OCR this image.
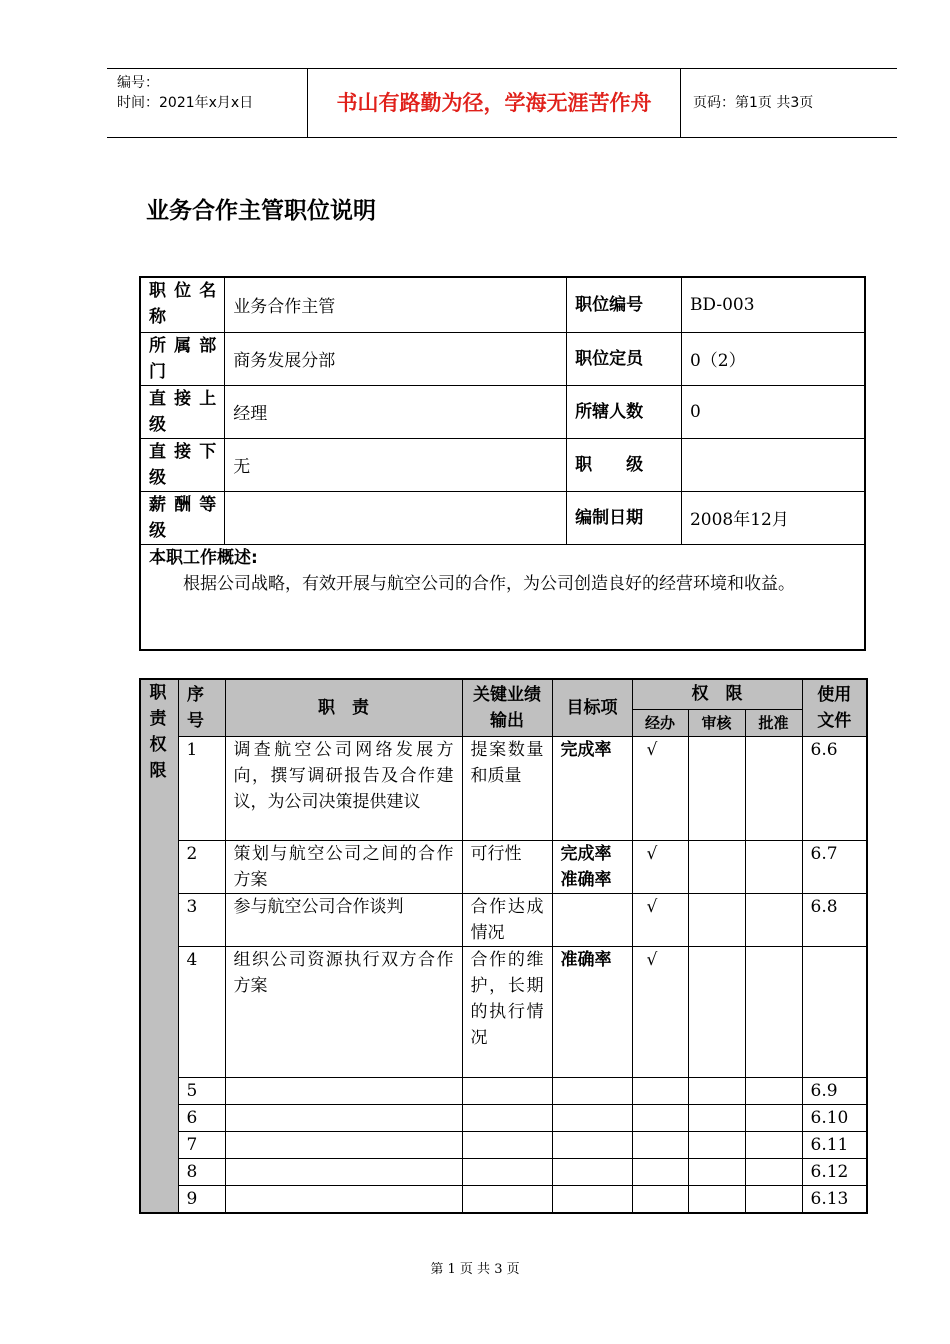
编号：
时间：2021年x月x日	书山有路勤为径，学海无涯苦作舟	页码：第1页 共3页
业务合作主管职位说明
职位名称	业务合作主管	职位编号	BD-003
所属部门	商务发展分部	职位定员	0（2）
直接上级	经理	所辖人数	0
直接下级	无	职　　级	
薪酬等级		编制日期	2008年12月

本职工作概述:
根据公司战略，有效开展与航空公司的合作，为公司创造良好的经营环境和收益。			
职责权限	序号	职　责	关键业绩输出	目标项	权　限			使用文件

					经办	审核	批准	
	1	调查航空公司网络发展方向，撰写调研报告及合作建议，为公司决策提供建议	提案数量和质量	完成率	√			6.6
	2	策划与航空公司之间的合作方案	可行性	完成率
准确率	√			6.7
	3	参与航空公司合作谈判	合作达成情况		√			6.8
	4	组织公司资源执行双方合作方案	合作的维护，长期的执行情况	准确率	√			
	5							6.9
	6							6.10
	7							6.11
	8							6.12
	9							6.13
第 1 页 共 3 页
